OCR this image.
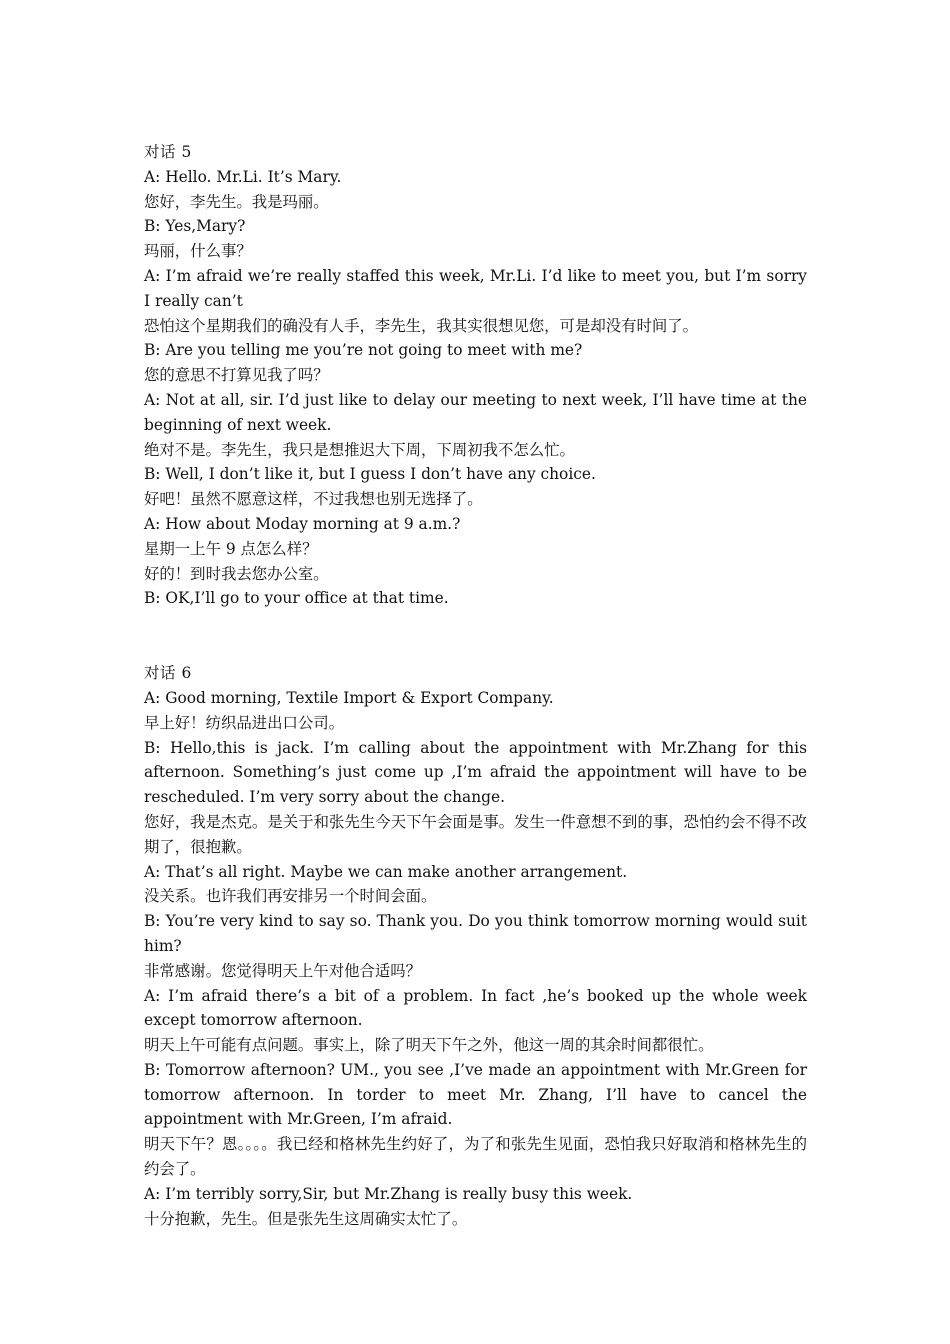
对话 5

A: Hello. Mr.Li. It’s Mary.

您好，李先生。我是玛丽。

B: Yes,Mary?

玛丽，什么事？

A: I’m afraid we’re really staffed this week, Mr.Li. I’d like to meet you, but I’m sorry I really can’t

恐怕这个星期我们的确没有人手，李先生，我其实很想见您，可是却没有时间了。

B: Are you telling me you’re not going to meet with me?

您的意思不打算见我了吗？

A: Not at all, sir. I’d just like to delay our meeting to next week, I’ll have time at the beginning of next week.

绝对不是。李先生，我只是想推迟大下周，下周初我不怎么忙。

B: Well, I don’t like it, but I guess I don’t have any choice.

好吧！虽然不愿意这样，不过我想也别无选择了。

A: How about Moday morning at 9 a.m.?

星期一上午 9 点怎么样？

好的！到时我去您办公室。

B: OK,I’ll go to your office at that time.

对话 6

A: Good morning, Textile Import & Export Company.

早上好！纺织品进出口公司。

B: Hello,this is jack. I’m calling about the appointment with Mr.Zhang for this afternoon. Something’s just come up ,I’m afraid the appointment will have to be rescheduled. I’m very sorry about the change.

您好，我是杰克。是关于和张先生今天下午会面是事。发生一件意想不到的事，恐怕约会不得不改期了，很抱歉。

A: That’s all right. Maybe we can make another arrangement.

没关系。也许我们再安排另一个时间会面。

B: You’re very kind to say so. Thank you. Do you think tomorrow morning would suit him?

非常感谢。您觉得明天上午对他合适吗？

A: I’m afraid there’s a bit of a problem. In fact ,he’s booked up the whole week except tomorrow afternoon.

明天上午可能有点问题。事实上，除了明天下午之外，他这一周的其余时间都很忙。

B: Tomorrow afternoon? UM., you see ,I’ve made an appointment with Mr.Green for tomorrow afternoon. In torder to meet Mr. Zhang, I’ll have to cancel the appointment with Mr.Green, I’m afraid.

明天下午？恩。。。。我已经和格林先生约好了，为了和张先生见面，恐怕我只好取消和格林先生的约会了。

A: I’m terribly sorry,Sir, but Mr.Zhang is really busy this week.

十分抱歉，先生。但是张先生这周确实太忙了。
